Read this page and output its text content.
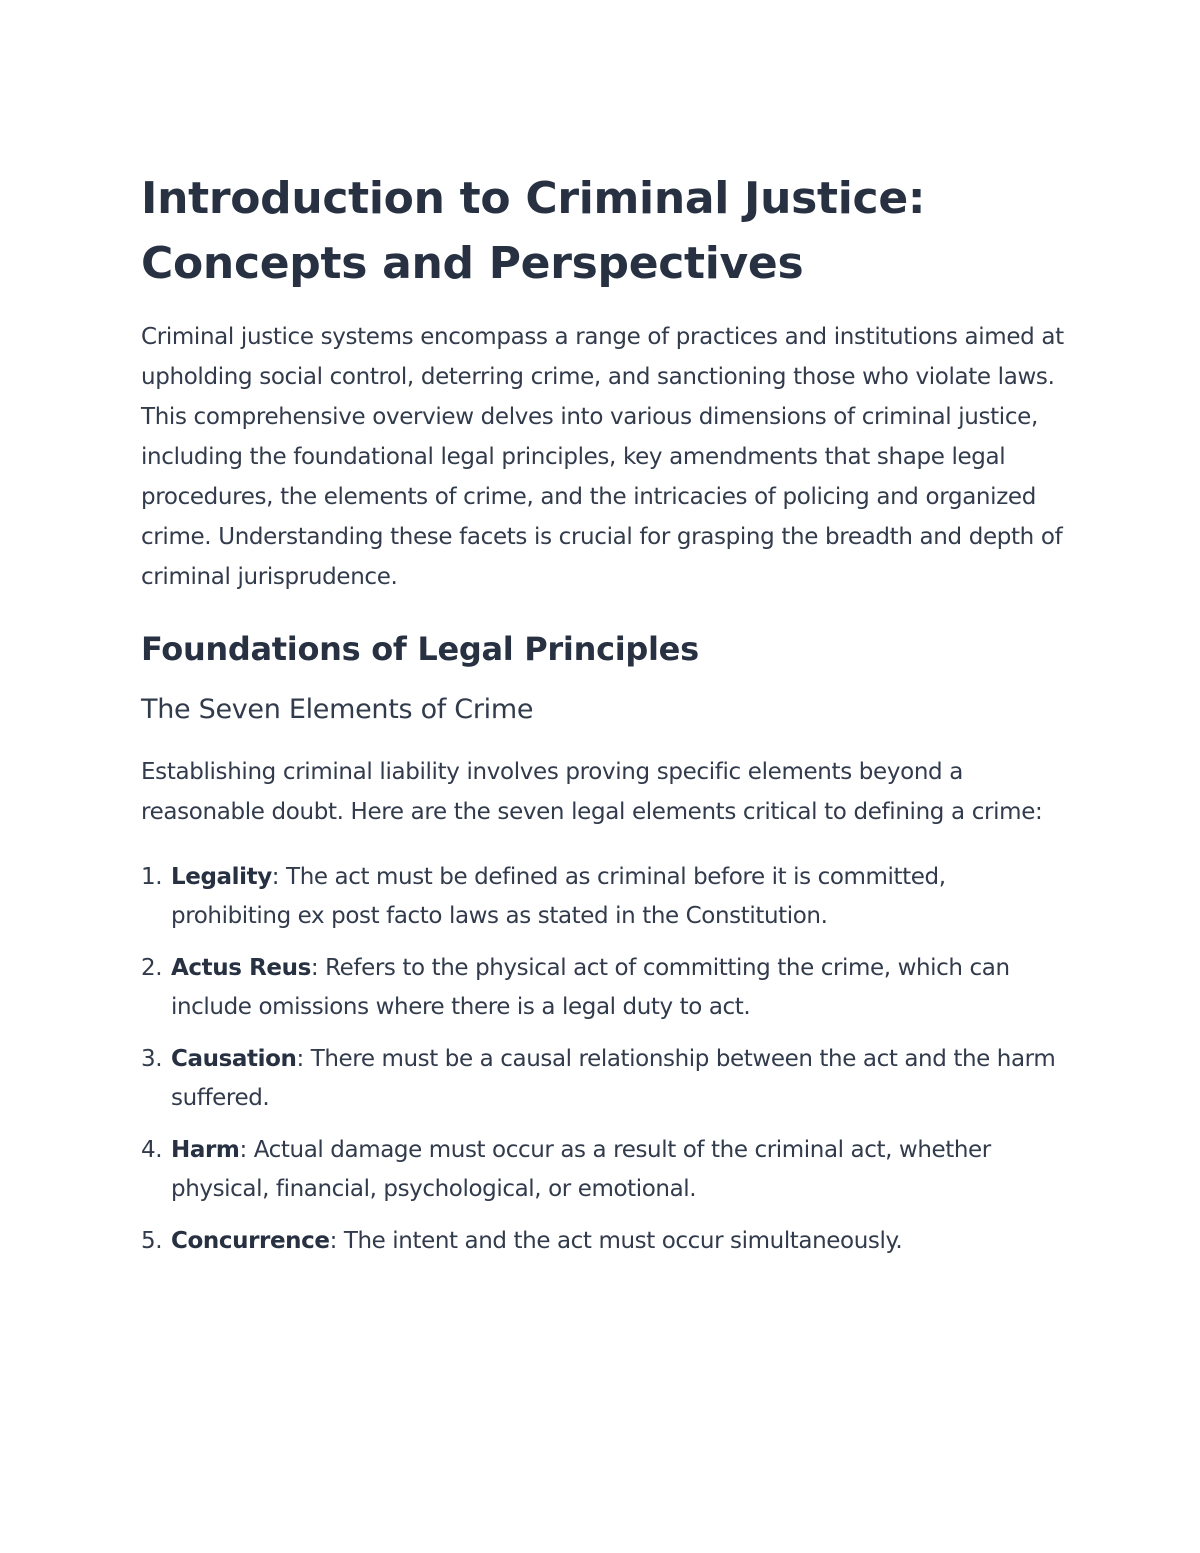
Introduction to Criminal Justice: Concepts and Perspectives

Criminal justice systems encompass a range of practices and institutions aimed at upholding social control, deterring crime, and sanctioning those who violate laws. This comprehensive overview delves into various dimensions of criminal justice, including the foundational legal principles, key amendments that shape legal procedures, the elements of crime, and the intricacies of policing and organized crime. Understanding these facets is crucial for grasping the breadth and depth of criminal jurisprudence.

Foundations of Legal Principles
The Seven Elements of Crime

Establishing criminal liability involves proving specific elements beyond a reasonable doubt. Here are the seven legal elements critical to defining a crime:

1. Legality: The act must be defined as criminal before it is committed, prohibiting ex post facto laws as stated in the Constitution.
2. Actus Reus: Refers to the physical act of committing the crime, which can include omissions where there is a legal duty to act.
3. Causation: There must be a causal relationship between the act and the harm suffered.
4. Harm: Actual damage must occur as a result of the criminal act, whether physical, financial, psychological, or emotional.
5. Concurrence: The intent and the act must occur simultaneously.
